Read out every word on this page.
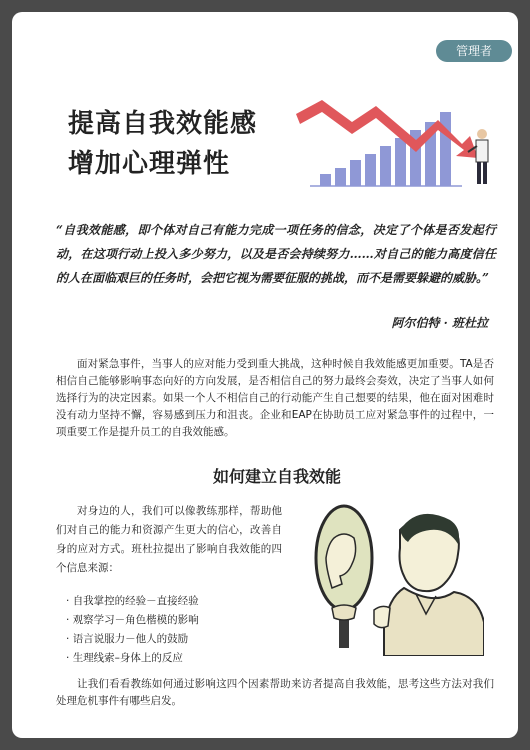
管理者
提高自我效能感
增加心理弹性

“自我效能感，即个体对自己有能力完成一项任务的信念，决定了个体是否发起行动，在这项行动上投入多少努力，以及是否会持续努力……对自己的能力高度信任的人在面临艰巨的任务时，会把它视为需要征服的挑战，而不是需要躲避的威胁。”

阿尔伯特 · 班杜拉

面对紧急事件，当事人的应对能力受到重大挑战，这种时候自我效能感更加重要。TA是否相信自己能够影响事态向好的方向发展，是否相信自己的努力最终会奏效，决定了当事人如何选择行为的决定因素。如果一个人不相信自己的行动能产生自己想要的结果，他在面对困难时没有动力坚持不懈，容易感到压力和沮丧。企业和EAP在协助员工应对紧急事件的过程中，一项重要工作是提升员工的自我效能感。

如何建立自我效能

对身边的人，我们可以像教练那样，帮助他们对自己的能力和资源产生更大的信心，改善自身的应对方式。班杜拉提出了影响自我效能的四个信息来源：

· 自我掌控的经验－直接经验
· 观察学习－角色楷模的影响
· 语言说服力－他人的鼓励
· 生理线索–身体上的反应

让我们看看教练如何通过影响这四个因素帮助来访者提高自我效能，思考这些方法对我们处理危机事件有哪些启发。
